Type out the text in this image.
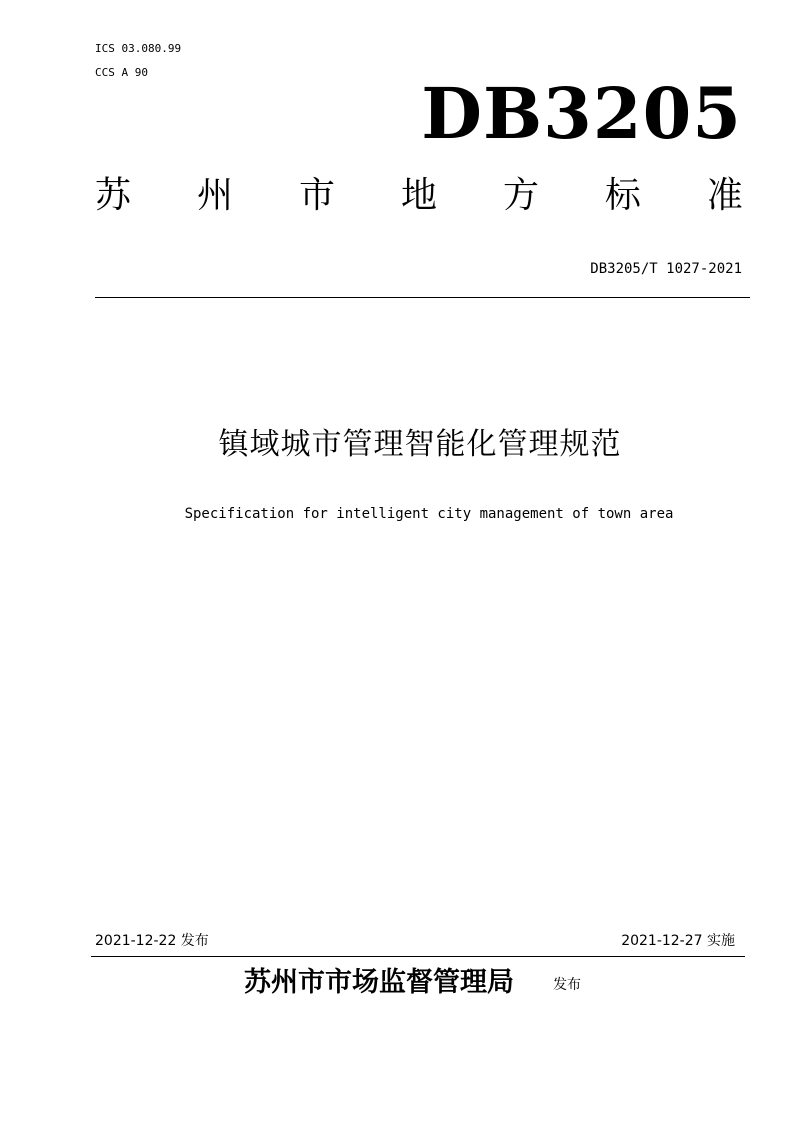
ICS 03.080.99
CCS A 90	DB3205
苏 州 市 地 方 标 准
DB3205/T 1027-2021
镇域城市管理智能化管理规范
Specification for intelligent city management of town area
2021-12-22 发布	2021-12-27 实施
苏州市市场监督管理局	发布
